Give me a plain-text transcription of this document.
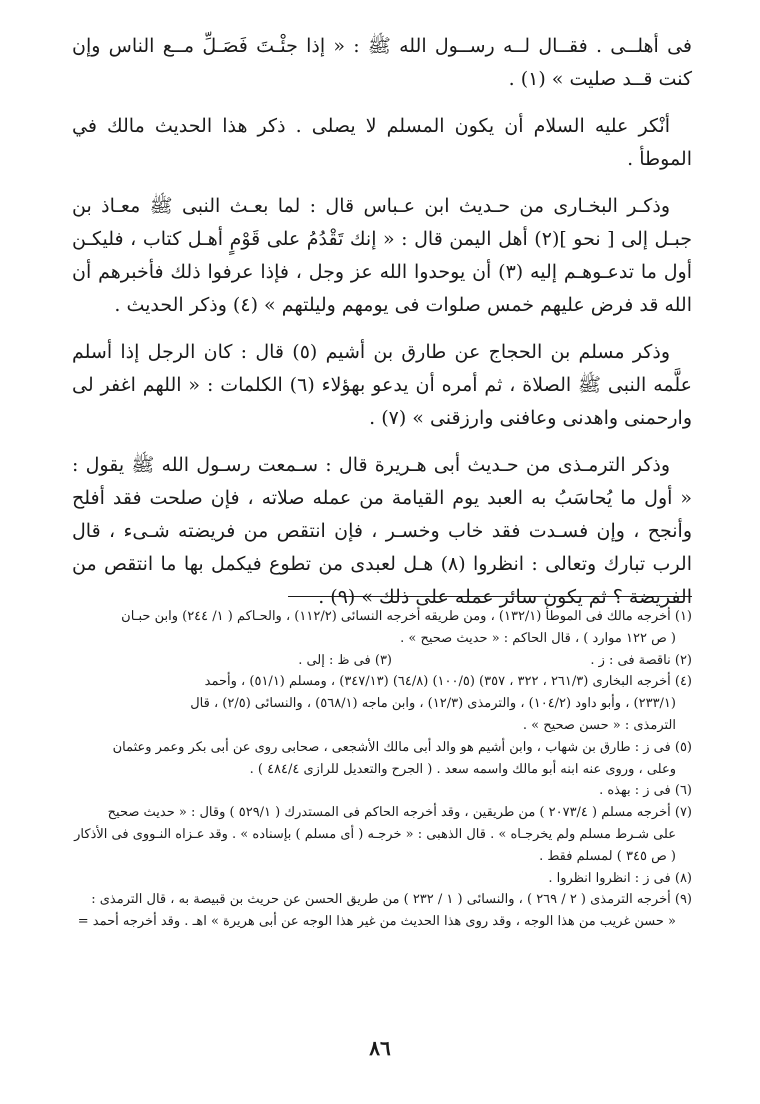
فى أهلــى . فقــال لــه رســول الله ﷺ : « إذا جئْـتَ فَصَـلِّ مــع الناس وإن كنت قــد صليت » (١) .

أنْكر عليه السلام أن يكون المسلم لا يصلى . ذكر هذا الحديث مالك في الموطأ .

وذكـر البخـارى من حـديث ابن عـباس قال : لما بعـث النبى ﷺ معـاذ بن جبـل إلى [ نحو ](٢) أهل اليمن قال : « إنك تَقْدُمُ على قَوْمٍ أهـل كتاب ، فليكـن أول ما تدعـوهـم إليه (٣) أن يوحدوا الله عز وجل ، فإذا عرفوا ذلك فأخبرهم أن الله قد فرض عليهم خمس صلوات فى يومهم وليلتهم » (٤) وذكر الحديث .

وذكر مسلم بن الحجاج عن طارق بن أشيم (٥) قال : كان الرجل إذا أسلم علَّمه النبى ﷺ الصلاة ، ثم أمره أن يدعو بهؤلاء (٦) الكلمات : « اللهم اغفر لى وارحمنى واهدنى وعافنى وارزقنى » (٧) .

وذكر الترمـذى من حـديث أبى هـريرة قال : سـمعت رسـول الله ﷺ يقول : « أول ما يُحاسَبُ به العبد يوم القيامة من عمله صلاته ، فإن صلحت فقد أفلح وأنجح ، وإن فسـدت فقد خاب وخسـر ، فإن انتقص من فريضته شـىء ، قال الرب تبارك وتعالى : انظروا (٨) هـل لعبدى من تطوع فيكمل بها ما انتقص من الفريضة ؟ ثم يكون سائر عمله على ذلك » (٩) .

(١) أخرجه مالك فى الموطأ (١٣٢/١) ، ومن طريقه أخرجه النسائى (١١٢/٢) ، والحـاكم ( ١/ ٢٤٤) وابن حبـان

( ص ١٢٢ موارد ) ، قال الحاكم : « حديث صحيح » .

(٢) ناقصة فى : ز .
(٣) فى ظ : إلى .

(٤) أخرجه البخارى (٢٦١/٣ ، ٣٢٢ ، ٣٥٧) (١٠٠/٥) (٦٤/٨) (٣٤٧/١٣) ، ومسلم (٥١/١) ، وأحمد

(٢٣٣/١) ، وأبو داود (١٠٤/٢) ، والترمذى (١٢/٣) ، وابن ماجه (٥٦٨/١) ، والنسائى (٢/٥) ، قال

الترمذى : « حسن صحيح » .

(٥) فى ز : طارق بن شهاب ، وابن أشيم هو والد أبى مالك الأشجعى ، صحابى روى عن أبى بكر وعمر وعثمان

وعلى ، وروى عنه ابنه أبو مالك واسمه سعد . ( الجرح والتعديل للرازى ٤٨٤/٤ ) .

(٦) فى ز : بهذه .

(٧) أخرجه مسلم ( ٢٠٧٣/٤ ) من طريقين ، وقد أخرجه الحاكم فى المستدرك ( ٥٢٩/١ ) وقال : « حديث صحيح

على شـرط مسلم ولم يخرجـاه » . قال الذهبى : « خرجـه ( أى مسلم ) بإسناده » . وقد عـزاه النـووى فى الأذكار

( ص ٣٤٥ ) لمسلم فقط .

(٨) فى ز : انظروا انظروا .

(٩) أخرجه الترمذى ( ٢ / ٢٦٩ ) ، والنسائى ( ١ / ٢٣٢ ) من طريق الحسن عن حريث بن قبيصة به ، قال الترمذى :

« حسن غريب من هذا الوجه ، وقد روى هذا الحديث من غير هذا الوجه عن أبى هريرة » اهـ . وقد أخرجه أحمد =

٨٦
